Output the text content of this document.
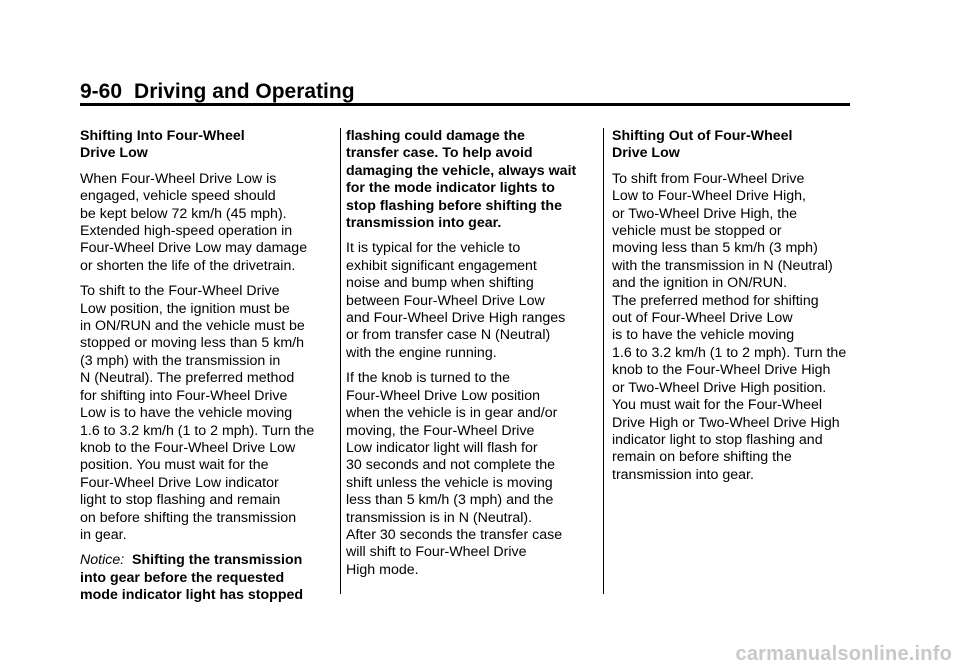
9-60 Driving and Operating
Shifting Into Four-Wheel
Drive Low
When Four-Wheel Drive Low is
engaged, vehicle speed should
be kept below 72 km/h (45 mph).
Extended high-speed operation in
Four-Wheel Drive Low may damage
or shorten the life of the drivetrain.
To shift to the Four-Wheel Drive
Low position, the ignition must be
in ON/RUN and the vehicle must be
stopped or moving less than 5 km/h
(3 mph) with the transmission in
N (Neutral). The preferred method
for shifting into Four-Wheel Drive
Low is to have the vehicle moving
1.6 to 3.2 km/h (1 to 2 mph). Turn the
knob to the Four-Wheel Drive Low
position. You must wait for the
Four-Wheel Drive Low indicator
light to stop flashing and remain
on before shifting the transmission
in gear.
Notice: Shifting the transmission
into gear before the requested
mode indicator light has stopped
flashing could damage the
transfer case. To help avoid
damaging the vehicle, always wait
for the mode indicator lights to
stop flashing before shifting the
transmission into gear.
It is typical for the vehicle to
exhibit significant engagement
noise and bump when shifting
between Four-Wheel Drive Low
and Four-Wheel Drive High ranges
or from transfer case N (Neutral)
with the engine running.
If the knob is turned to the
Four-Wheel Drive Low position
when the vehicle is in gear and/or
moving, the Four-Wheel Drive
Low indicator light will flash for
30 seconds and not complete the
shift unless the vehicle is moving
less than 5 km/h (3 mph) and the
transmission is in N (Neutral).
After 30 seconds the transfer case
will shift to Four-Wheel Drive
High mode.
Shifting Out of Four-Wheel
Drive Low
To shift from Four-Wheel Drive
Low to Four-Wheel Drive High,
or Two-Wheel Drive High, the
vehicle must be stopped or
moving less than 5 km/h (3 mph)
with the transmission in N (Neutral)
and the ignition in ON/RUN.
The preferred method for shifting
out of Four-Wheel Drive Low
is to have the vehicle moving
1.6 to 3.2 km/h (1 to 2 mph). Turn the
knob to the Four-Wheel Drive High
or Two-Wheel Drive High position.
You must wait for the Four-Wheel
Drive High or Two-Wheel Drive High
indicator light to stop flashing and
remain on before shifting the
transmission into gear.
carmanualsonline.info
